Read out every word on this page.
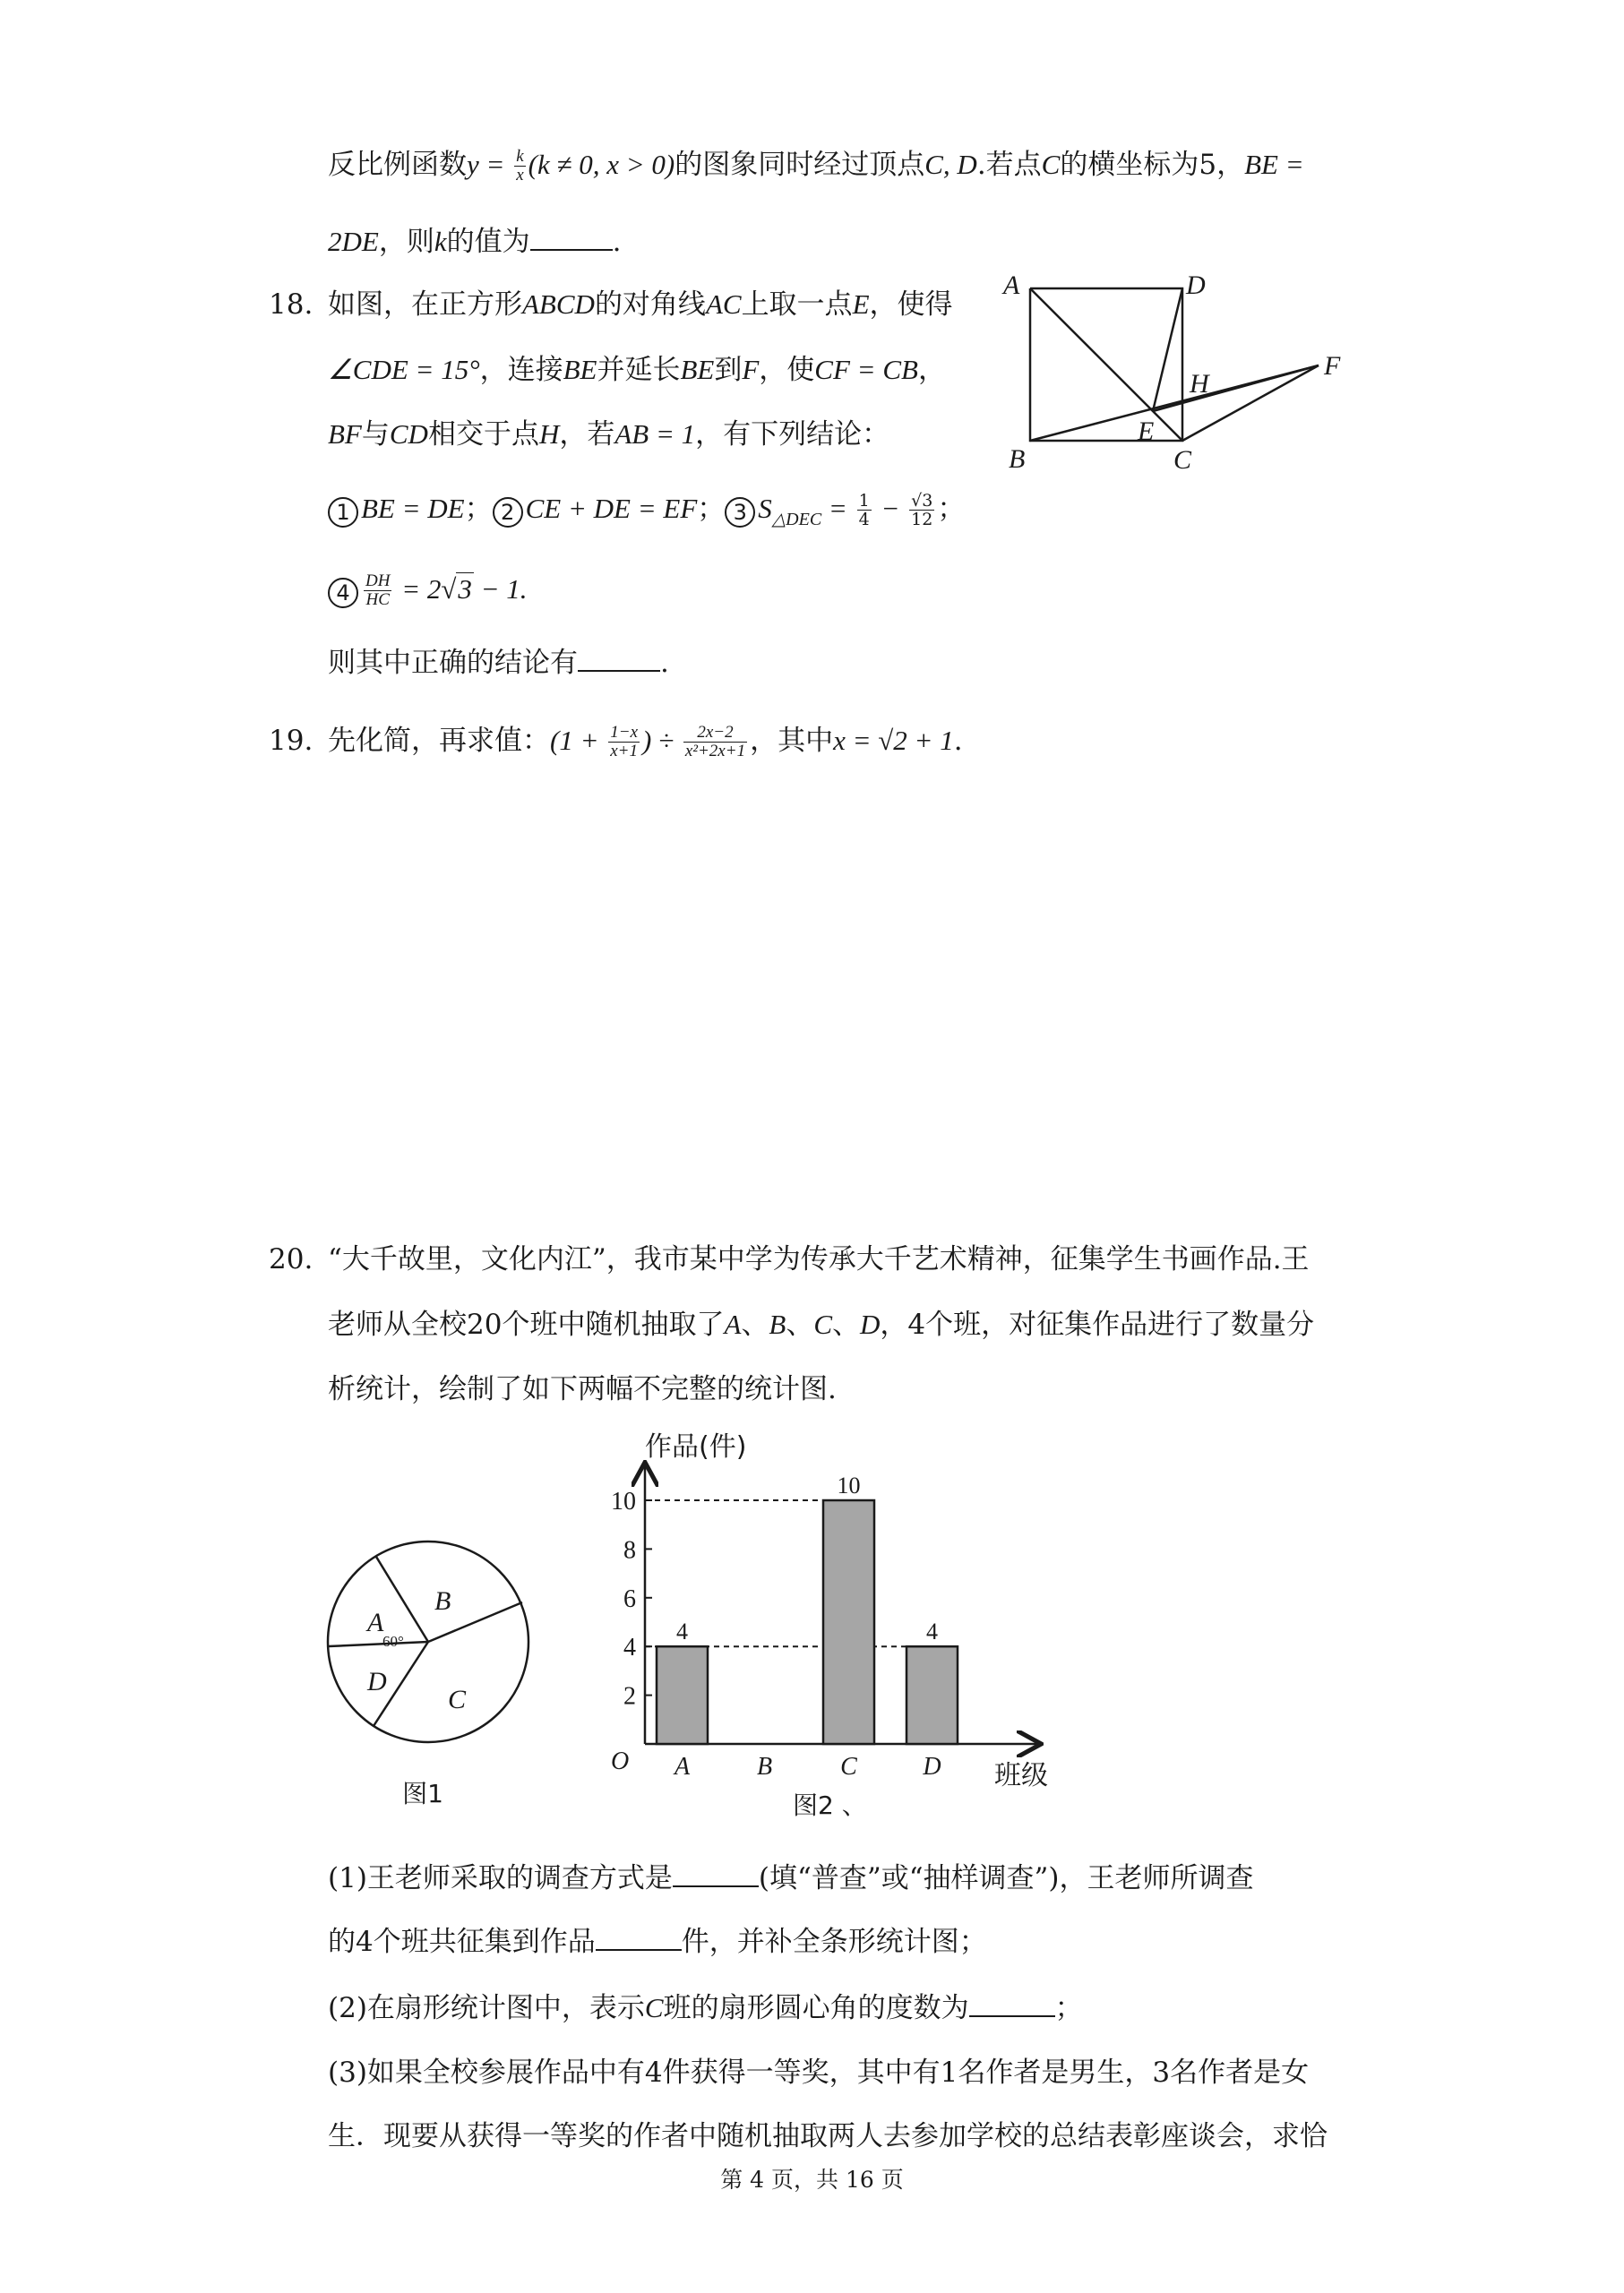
反比例函数$y = \frac{k}{x} (k \ne 0$, x > 0)的图象同时经过顶点C, D.若点C的横坐标为5，BE =
2DE，则k的值为	.
18. 如图，在正方形ABCD的对角线AC上取一点E，使得
∠CDE = 15°，连接BE并延长BE到F，使CF = CB，
BF与CD相交于点H，若AB = 1，有下列结论：
1 BE = DE； 2 CE + DE = EF； 3 $S_{\triangle DEC} = \frac{1}{4} - \frac{√3}{12}$ ；
$4 \frac{DH}{HC} = 2√3 - 1$.
则其中正确的结论有	.
A	D
B	C
E
H
F
19. 先化简，再求值：($1 + \frac{1-x}{x+1}$ ) ÷ $\frac{2x-2}{\text{x²+2x+1}}$ ，其中x = √2 + 1.
20. “大千故里，文化内江”，我市某中学为传承大千艺术精神，征集学生书画作品.王
老师从全校20个班中随机抽取了A、B、C、D，4个班，对征集作品进行了数量分
析统计，绘制了如下两幅不完整的统计图.
A
60°
B
C
D
图1
作品(件)
班级
O
2
4
6
8
10
4
A	B
10
C
4
D
图2 、
(1)王老师采取的调查方式是	(填“普查”或“抽样调查”)，王老师所调查
的4个班共征集到作品	件，并补全条形统计图；
(2)在扇形统计图中，表示C班的扇形圆心角的度数为	；
(3)如果全校参展作品中有4件获得一等奖，其中有1名作者是男生，3名作者是女
生．现要从获得一等奖的作者中随机抽取两人去参加学校的总结表彰座谈会，求恰
第 4 页，共 16 页
